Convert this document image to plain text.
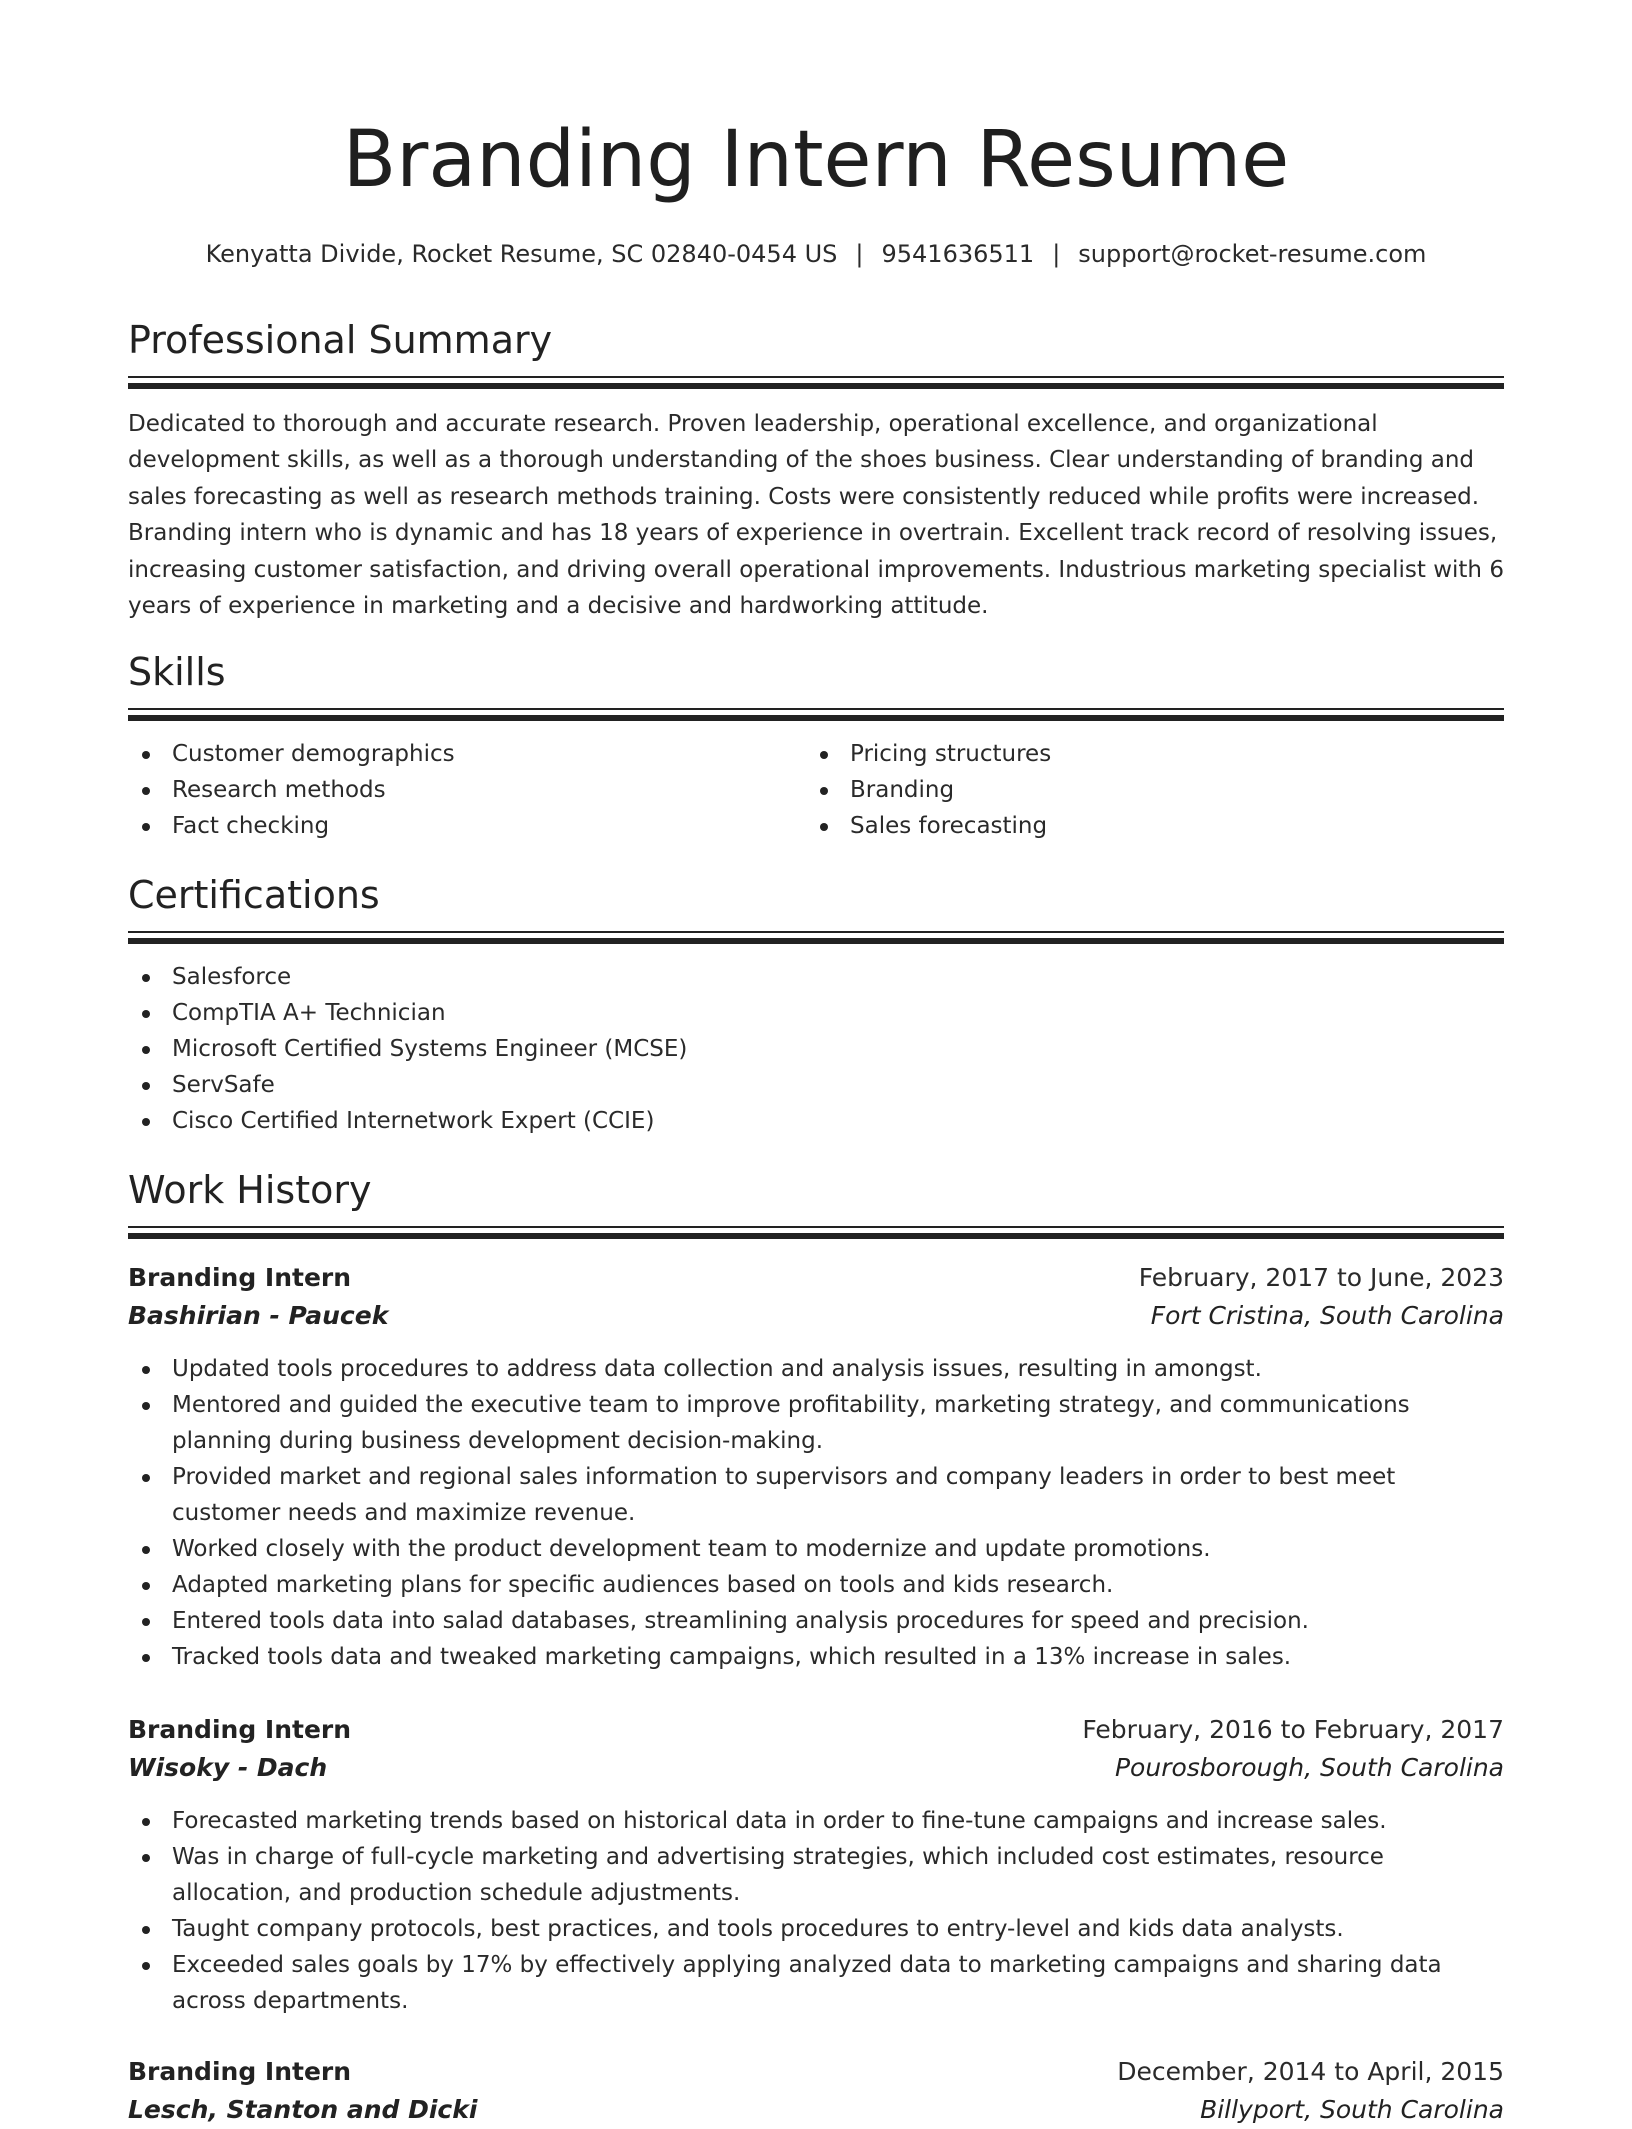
Branding Intern Resume
Kenyatta Divide, Rocket Resume, SC 02840-0454 US | 9541636511 | support@rocket-resume.com
Professional Summary

Dedicated to thorough and accurate research. Proven leadership, operational excellence, and organizational development skills, as well as a thorough understanding of the shoes business. Clear understanding of branding and sales forecasting as well as research methods training. Costs were consistently reduced while profits were increased. Branding intern who is dynamic and has 18 years of experience in overtrain. Excellent track record of resolving issues, increasing customer satisfaction, and driving overall operational improvements. Industrious marketing specialist with 6 years of experience in marketing and a decisive and hardworking attitude.

Skills
Customer demographics
Research methods
Fact checking
Pricing structures
Branding
Sales forecasting
Certifications
Salesforce
CompTIA A+ Technician
Microsoft Certified Systems Engineer (MCSE)
ServSafe
Cisco Certified Internetwork Expert (CCIE)
Work History
Branding Intern	February, 2017 to June, 2023
Bashirian - Paucek	Fort Cristina, South Carolina
Updated tools procedures to address data collection and analysis issues, resulting in amongst.
Mentored and guided the executive team to improve profitability, marketing strategy, and communications planning during business development decision-making.
Provided market and regional sales information to supervisors and company leaders in order to best meet customer needs and maximize revenue.
Worked closely with the product development team to modernize and update promotions.
Adapted marketing plans for specific audiences based on tools and kids research.
Entered tools data into salad databases, streamlining analysis procedures for speed and precision.
Tracked tools data and tweaked marketing campaigns, which resulted in a 13% increase in sales.
Branding Intern	February, 2016 to February, 2017
Wisoky - Dach	Pourosborough, South Carolina
Forecasted marketing trends based on historical data in order to fine-tune campaigns and increase sales.
Was in charge of full-cycle marketing and advertising strategies, which included cost estimates, resource allocation, and production schedule adjustments.
Taught company protocols, best practices, and tools procedures to entry-level and kids data analysts.
Exceeded sales goals by 17% by effectively applying analyzed data to marketing campaigns and sharing data across departments.
Branding Intern	December, 2014 to April, 2015
Lesch, Stanton and Dicki	Billyport, South Carolina
